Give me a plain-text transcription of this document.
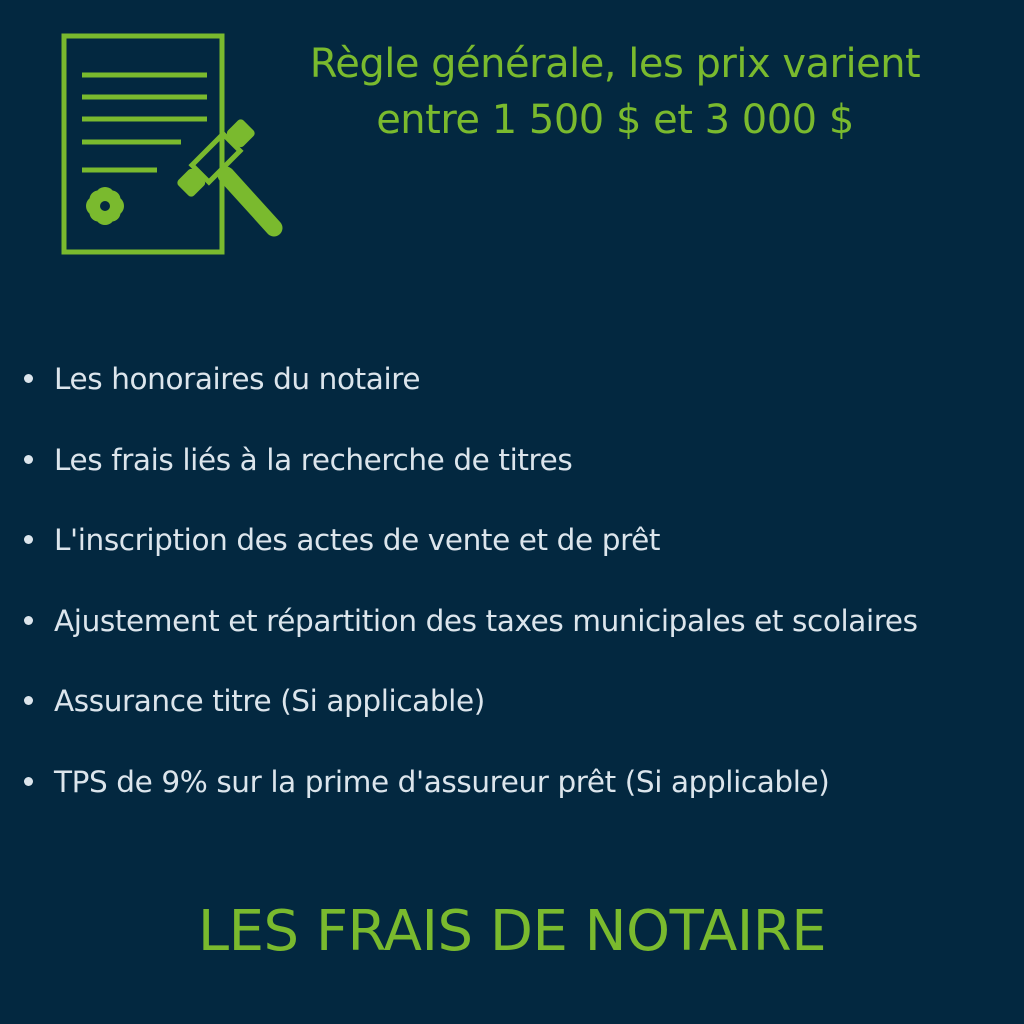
Règle générale, les prix varient
entre 1 500 $ et 3 000 $
Les honoraires du notaire
Les frais liés à la recherche de titres
L'inscription des actes de vente et de prêt
Ajustement et répartition des taxes municipales et scolaires
Assurance titre (Si applicable)
TPS de 9% sur la prime d'assureur prêt (Si applicable)
LES FRAIS DE NOTAIRE
